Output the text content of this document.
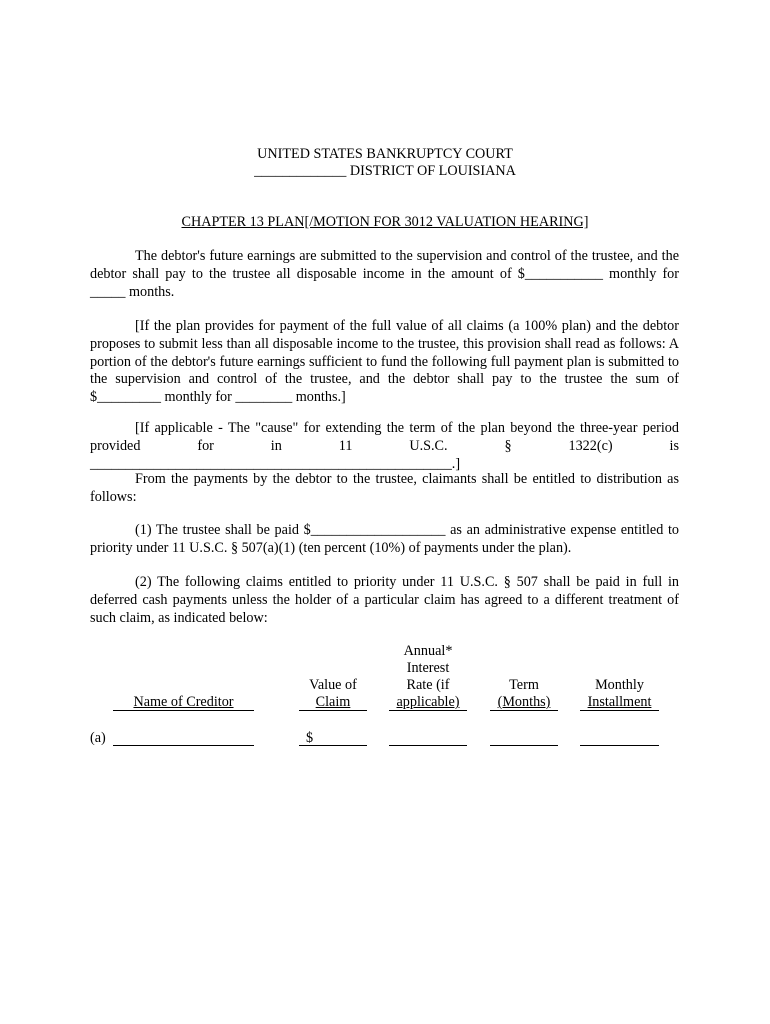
UNITED STATES BANKRUPTCY COURT
_____________ DISTRICT OF LOUISIANA
CHAPTER 13 PLAN[/MOTION FOR 3012 VALUATION HEARING]

The debtor's future earnings are submitted to the supervision and control of the trustee, and the debtor shall pay to the trustee all disposable income in the amount of $___________ monthly for _____ months.

[If the plan provides for payment of the full value of all claims (a 100% plan) and the debtor proposes to submit less than all disposable income to the trustee, this provision shall read as follows: A portion of the debtor's future earnings sufficient to fund the following full payment plan is submitted to the supervision and control of the trustee, and the debtor shall pay to the trustee the sum of $_________ monthly for ________ months.]

[If applicable - The "cause" for extending the term of the plan beyond the three-year period provided for in 11 U.S.C. § 1322(c) is ___________________________________________________.]

From the payments by the debtor to the trustee, claimants shall be entitled to distribution as follows:

(1) The trustee shall be paid $___________________ as an administrative expense entitled to priority under 11 U.S.C. § 507(a)(1) (ten percent (10%) of payments under the plan).

(2) The following claims entitled to priority under 11 U.S.C. § 507 shall be paid in full in deferred cash payments unless the holder of a particular claim has agreed to a different treatment of such claim, as indicated below:

Name of Creditor
Value of
Claim
Annual*
Interest
Rate (if
applicable)
Term
(Months)
Monthly
Installment
(a)	$
